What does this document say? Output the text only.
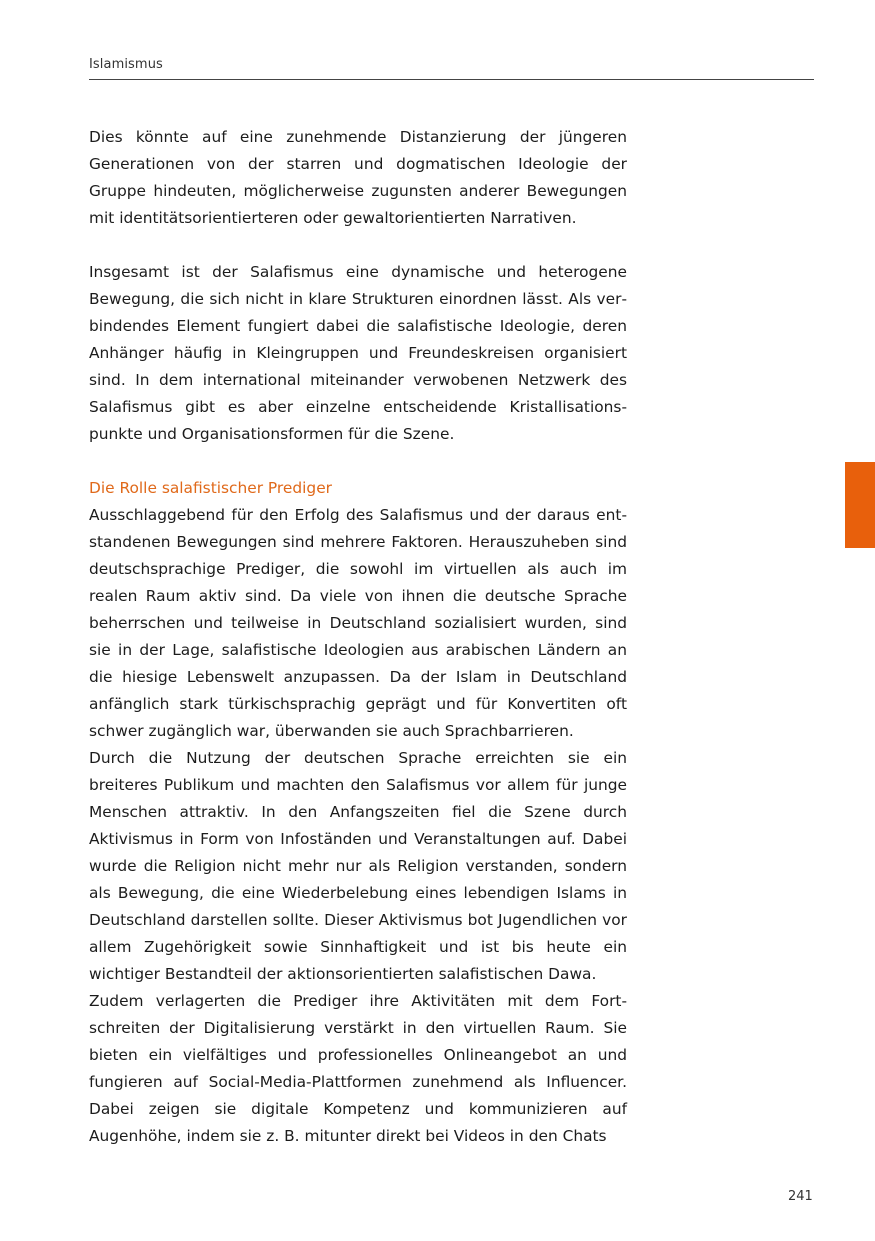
Islamismus

Dies könnte auf eine zunehmende Distanzierung der jüngeren Generationen von der starren und dogmatischen Ideologie der Gruppe hindeuten, möglicherweise zugunsten anderer Bewegungen mit identitätsorientierteren oder gewaltorientierten Narrativen.

Insgesamt ist der Salafismus eine dynamische und heterogene Bewegung, die sich nicht in klare Strukturen einordnen lässt. Als verbindendes Element fungiert dabei die salafistische Ideologie, deren Anhänger häufig in Kleingruppen und Freundeskreisen organisiert sind. In dem international miteinander verwobenen Netzwerk des Salafismus gibt es aber einzelne entscheidende Kristallisationspunkte und Organisationsformen für die Szene.

Die Rolle salafistischer Prediger

Ausschlaggebend für den Erfolg des Salafismus und der daraus entstandenen Bewegungen sind mehrere Faktoren. Herauszuheben sind deutschsprachige Prediger, die sowohl im virtuellen als auch im realen Raum aktiv sind. Da viele von ihnen die deutsche Sprache beherrschen und teilweise in Deutschland sozialisiert wurden, sind sie in der Lage, salafistische Ideologien aus arabischen Ländern an die hiesige Lebenswelt anzupassen. Da der Islam in Deutschland anfänglich stark türkischsprachig geprägt und für Konvertiten oft schwer zugänglich war, überwanden sie auch Sprachbarrieren.

Durch die Nutzung der deutschen Sprache erreichten sie ein breiteres Publikum und machten den Salafismus vor allem für junge Menschen attraktiv. In den Anfangszeiten fiel die Szene durch Aktivismus in Form von Infoständen und Veranstaltungen auf. Dabei wurde die Religion nicht mehr nur als Religion verstanden, sondern als Bewegung, die eine Wiederbelebung eines lebendigen Islams in Deutschland darstellen sollte. Dieser Aktivismus bot Jugendlichen vor allem Zugehörigkeit sowie Sinnhaftigkeit und ist bis heute ein wichtiger Bestandteil der aktionsorientierten salafistischen Dawa.

Zudem verlagerten die Prediger ihre Aktivitäten mit dem Fortschreiten der Digitalisierung verstärkt in den virtuellen Raum. Sie bieten ein vielfältiges und professionelles Onlineangebot an und fungieren auf Social-Media-Plattformen zunehmend als Influencer. Dabei zeigen sie digitale Kompetenz und kommunizieren auf Augenhöhe, indem sie z. B. mitunter direkt bei Videos in den Chats

241
